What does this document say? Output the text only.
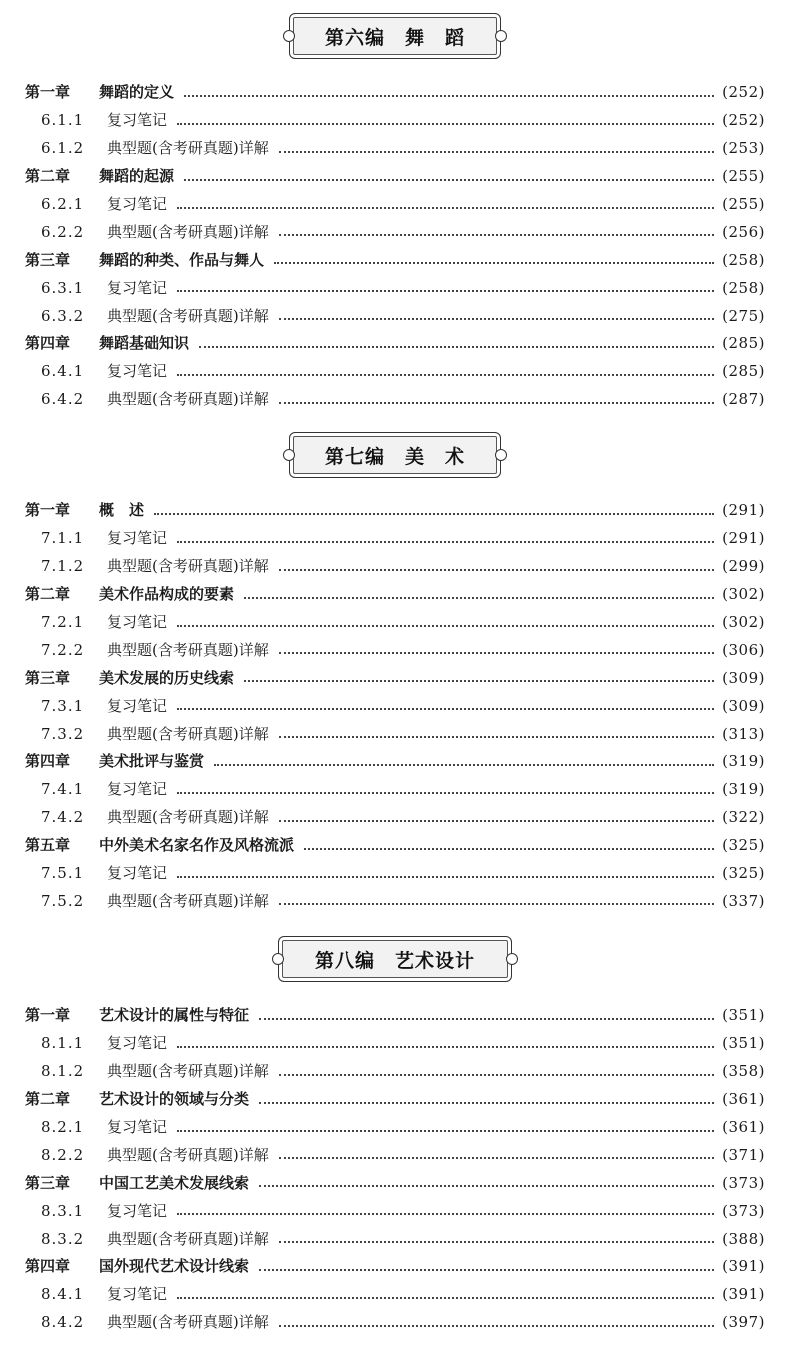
第六编　舞　蹈
第一章 舞蹈的定义	(252)
6.1.1 复习笔记	(252)
6.1.2 典型题(含考研真题)详解	(253)
第二章 舞蹈的起源	(255)
6.2.1 复习笔记	(255)
6.2.2 典型题(含考研真题)详解	(256)
第三章 舞蹈的种类、作品与舞人	(258)
6.3.1 复习笔记	(258)
6.3.2 典型题(含考研真题)详解	(275)
第四章 舞蹈基础知识	(285)
6.4.1 复习笔记	(285)
6.4.2 典型题(含考研真题)详解	(287)
第七编　美　术
第一章 概　述	(291)
7.1.1 复习笔记	(291)
7.1.2 典型题(含考研真题)详解	(299)
第二章 美术作品构成的要素	(302)
7.2.1 复习笔记	(302)
7.2.2 典型题(含考研真题)详解	(306)
第三章 美术发展的历史线索	(309)
7.3.1 复习笔记	(309)
7.3.2 典型题(含考研真题)详解	(313)
第四章 美术批评与鉴赏	(319)
7.4.1 复习笔记	(319)
7.4.2 典型题(含考研真题)详解	(322)
第五章 中外美术名家名作及风格流派	(325)
7.5.1 复习笔记	(325)
7.5.2 典型题(含考研真题)详解	(337)
第八编　艺术设计
第一章 艺术设计的属性与特征	(351)
8.1.1 复习笔记	(351)
8.1.2 典型题(含考研真题)详解	(358)
第二章 艺术设计的领域与分类	(361)
8.2.1 复习笔记	(361)
8.2.2 典型题(含考研真题)详解	(371)
第三章 中国工艺美术发展线索	(373)
8.3.1 复习笔记	(373)
8.3.2 典型题(含考研真题)详解	(388)
第四章 国外现代艺术设计线索	(391)
8.4.1 复习笔记	(391)
8.4.2 典型题(含考研真题)详解	(397)
